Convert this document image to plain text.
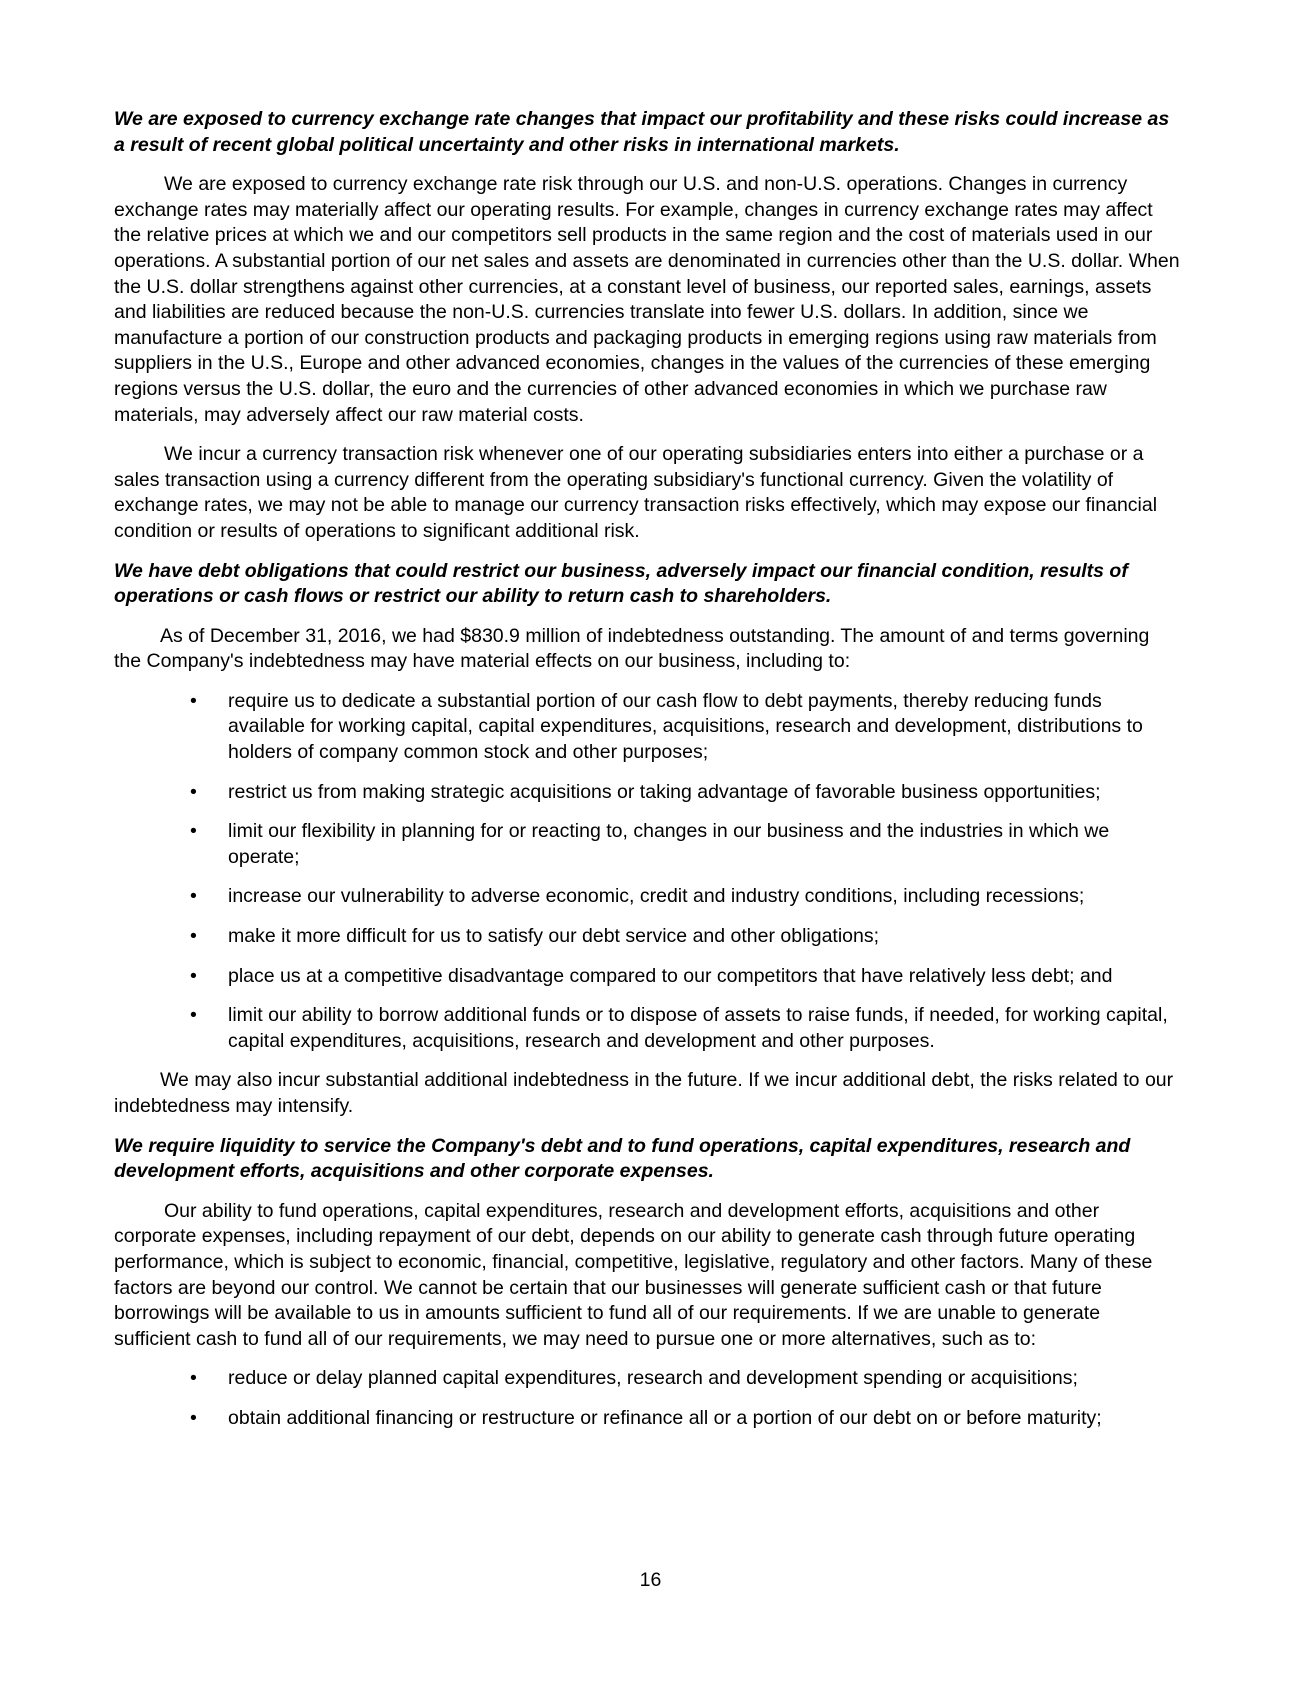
We are exposed to currency exchange rate changes that impact our profitability and these risks could increase as a result of recent global political uncertainty and other risks in international markets.
We are exposed to currency exchange rate risk through our U.S. and non-U.S. operations. Changes in currency exchange rates may materially affect our operating results. For example, changes in currency exchange rates may affect the relative prices at which we and our competitors sell products in the same region and the cost of materials used in our operations. A substantial portion of our net sales and assets are denominated in currencies other than the U.S. dollar. When the U.S. dollar strengthens against other currencies, at a constant level of business, our reported sales, earnings, assets and liabilities are reduced because the non-U.S. currencies translate into fewer U.S. dollars. In addition, since we manufacture a portion of our construction products and packaging products in emerging regions using raw materials from suppliers in the U.S., Europe and other advanced economies, changes in the values of the currencies of these emerging regions versus the U.S. dollar, the euro and the currencies of other advanced economies in which we purchase raw materials, may adversely affect our raw material costs.
We incur a currency transaction risk whenever one of our operating subsidiaries enters into either a purchase or a sales transaction using a currency different from the operating subsidiary's functional currency. Given the volatility of exchange rates, we may not be able to manage our currency transaction risks effectively, which may expose our financial condition or results of operations to significant additional risk.
We have debt obligations that could restrict our business, adversely impact our financial condition, results of operations or cash flows or restrict our ability to return cash to shareholders.
As of December 31, 2016, we had $830.9 million of indebtedness outstanding. The amount of and terms governing the Company's indebtedness may have material effects on our business, including to:
• require us to dedicate a substantial portion of our cash flow to debt payments, thereby reducing funds available for working capital, capital expenditures, acquisitions, research and development, distributions to holders of company common stock and other purposes;
• restrict us from making strategic acquisitions or taking advantage of favorable business opportunities;
• limit our flexibility in planning for or reacting to, changes in our business and the industries in which we operate;
• increase our vulnerability to adverse economic, credit and industry conditions, including recessions;
• make it more difficult for us to satisfy our debt service and other obligations;
• place us at a competitive disadvantage compared to our competitors that have relatively less debt; and
• limit our ability to borrow additional funds or to dispose of assets to raise funds, if needed, for working capital, capital expenditures, acquisitions, research and development and other purposes.
We may also incur substantial additional indebtedness in the future. If we incur additional debt, the risks related to our indebtedness may intensify.
We require liquidity to service the Company's debt and to fund operations, capital expenditures, research and development efforts, acquisitions and other corporate expenses.
Our ability to fund operations, capital expenditures, research and development efforts, acquisitions and other corporate expenses, including repayment of our debt, depends on our ability to generate cash through future operating performance, which is subject to economic, financial, competitive, legislative, regulatory and other factors. Many of these factors are beyond our control. We cannot be certain that our businesses will generate sufficient cash or that future borrowings will be available to us in amounts sufficient to fund all of our requirements. If we are unable to generate sufficient cash to fund all of our requirements, we may need to pursue one or more alternatives, such as to:
• reduce or delay planned capital expenditures, research and development spending or acquisitions;
• obtain additional financing or restructure or refinance all or a portion of our debt on or before maturity;
16
